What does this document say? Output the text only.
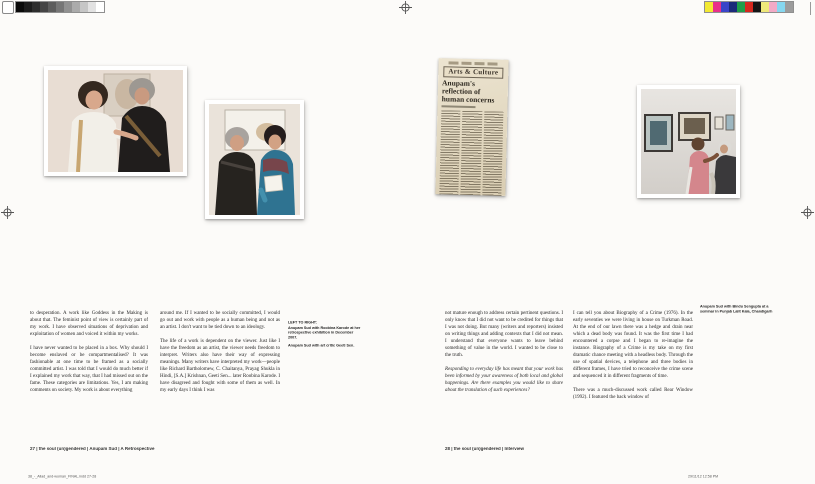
38_-_Allad_and-woman_FINAL.indd 27-28	29/11/12 12:58 PM
Arts & Culture
Anupam's reflection of human concerns

to desperation. A work like Goddess in the Making is about that. The feminist point of view is certainly part of my work. I have observed situations of deprivation and exploitation of women and voiced it within my works.

I have never wanted to be placed in a box. Why should I become enslaved or be compartmentalised? It was fashionable at one time to be framed as a socially committed artist. I was told that I would do much better if I explained my work that way, that I had missed out on the fame. These categories are limitations. Yes, I am making comments on society. My work is about everything

around me. If I wanted to be socially committed, I would go out and work with people as a human being and not as an artist. I don't want to be tied down to an ideology.

The life of a work is dependent on the viewer. Just like I have the freedom as an artist, the viewer needs freedom to interpret. Writers also have their way of expressing meanings. Many writers have interpreted my work—people like Richard Bartholomew, C. Chaitanya, Prayag Shukla in Hindi, [S.A.] Krishnan, Geeti Sen... later Roobina Karode. I have disagreed and fought with some of them as well. In my early days I think I was

LEFT TO RIGHT:
Anupam Sud with Roobina Karode at her retrospective exhibition in December 2007.
Anupam Sud with art critic Geeti Sen.
27 | the soul (un)gendered | Anupam Sud | A Retrospective

not mature enough to address certain pertinent questions. I only know that I did not want to be credited for things that I was not doing. But many (writers and reporters) insisted on writing things and adding contexts that I did not mean. I understand that everyone wants to leave behind something of value in the world. I wanted to be close to the truth.

Responding to everyday life has meant that your work has been informed by your awareness of both local and global happenings. Are there examples you would like to share about the translation of such experiences?

I can tell you about Biography of a Crime (1976). In the early seventies we were living in house on Turkman Road. At the end of our lawn there was a hedge and drain near which a dead body was found. It was the first time I had encountered a corpse and I began to re-imagine the instance. Biography of a Crime is my take on my first dramatic chance meeting with a headless body. Through the use of spatial devices, a telephone and three bodies in different frames, I have tried to reconceive the crime scene and sequenced it in different fragments of time.

There was a much-discussed work called Rear Window (1992). I featured the back window of

Anupam Sud with Bindu Sengupta at a seminar in Punjab Lalit Kala, Chandigarh
28 | the soul (un)gendered | Interview
